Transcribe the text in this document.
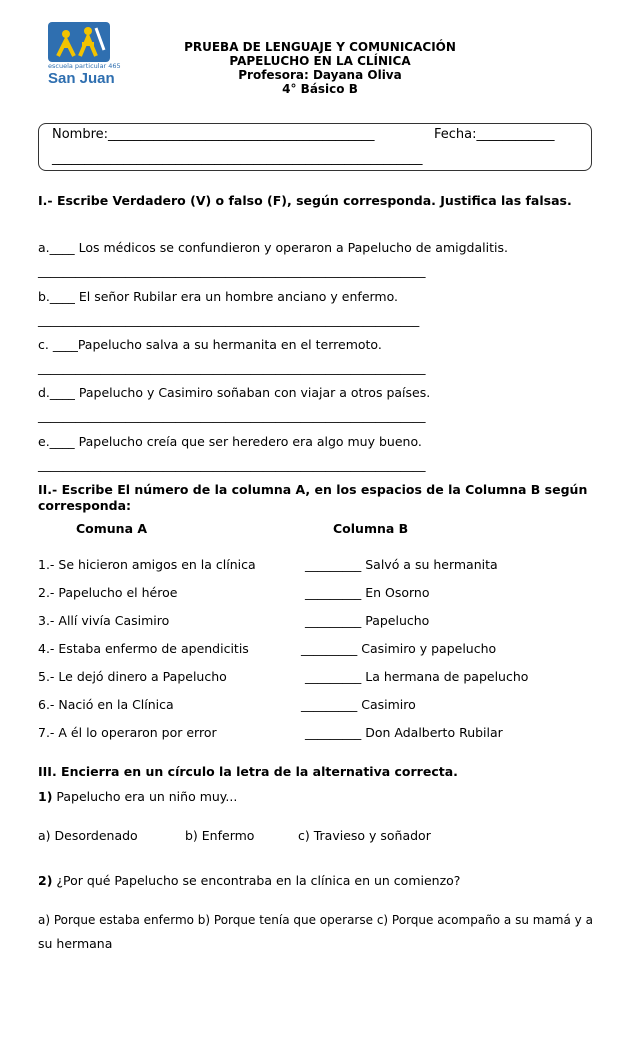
escuela particular 465
San Juan
PRUEBA DE LENGUAJE Y COMUNICACIÓN
PAPELUCHO EN LA CLÍNICA
Profesora: Dayana Oliva
4° Básico B
Nombre:_________________________________________	Fecha:____________
_________________________________________________________
I.- Escribe Verdadero (V) o falso (F), según corresponda. Justifica las falsas.
a.____ Los médicos se confundieron y operaron a Papelucho de amigdalitis.
______________________________________________________________
b.____ El señor Rubilar era un hombre anciano y enfermo.
_____________________________________________________________
c. ____Papelucho salva a su hermanita en el terremoto.
______________________________________________________________
d.____ Papelucho y Casimiro soñaban con viajar a otros países.
______________________________________________________________
e.____ Papelucho creía que ser heredero era algo muy bueno.
______________________________________________________________
II.- Escribe El número de la columna A, en los espacios de la Columna B según
corresponda:
Comuna A	Columna B
1.- Se hicieron amigos en la clínica	_________ Salvó a su hermanita
2.- Papelucho el héroe	_________ En Osorno
3.- Allí vivía Casimiro	_________ Papelucho
4.- Estaba enfermo de apendicitis	_________ Casimiro y papelucho
5.- Le dejó dinero a Papelucho	_________ La hermana de papelucho
6.- Nació en la Clínica	_________ Casimiro
7.- A él lo operaron por error	_________ Don Adalberto Rubilar
III. Encierra en un círculo la letra de la alternativa correcta.
1) Papelucho era un niño muy...
a) Desordenado	b) Enfermo	c) Travieso y soñador
2) ¿Por qué Papelucho se encontraba en la clínica en un comienzo?
a) Porque estaba enfermo b) Porque tenía que operarse c) Porque acompaño a su mamá y a
su hermana
